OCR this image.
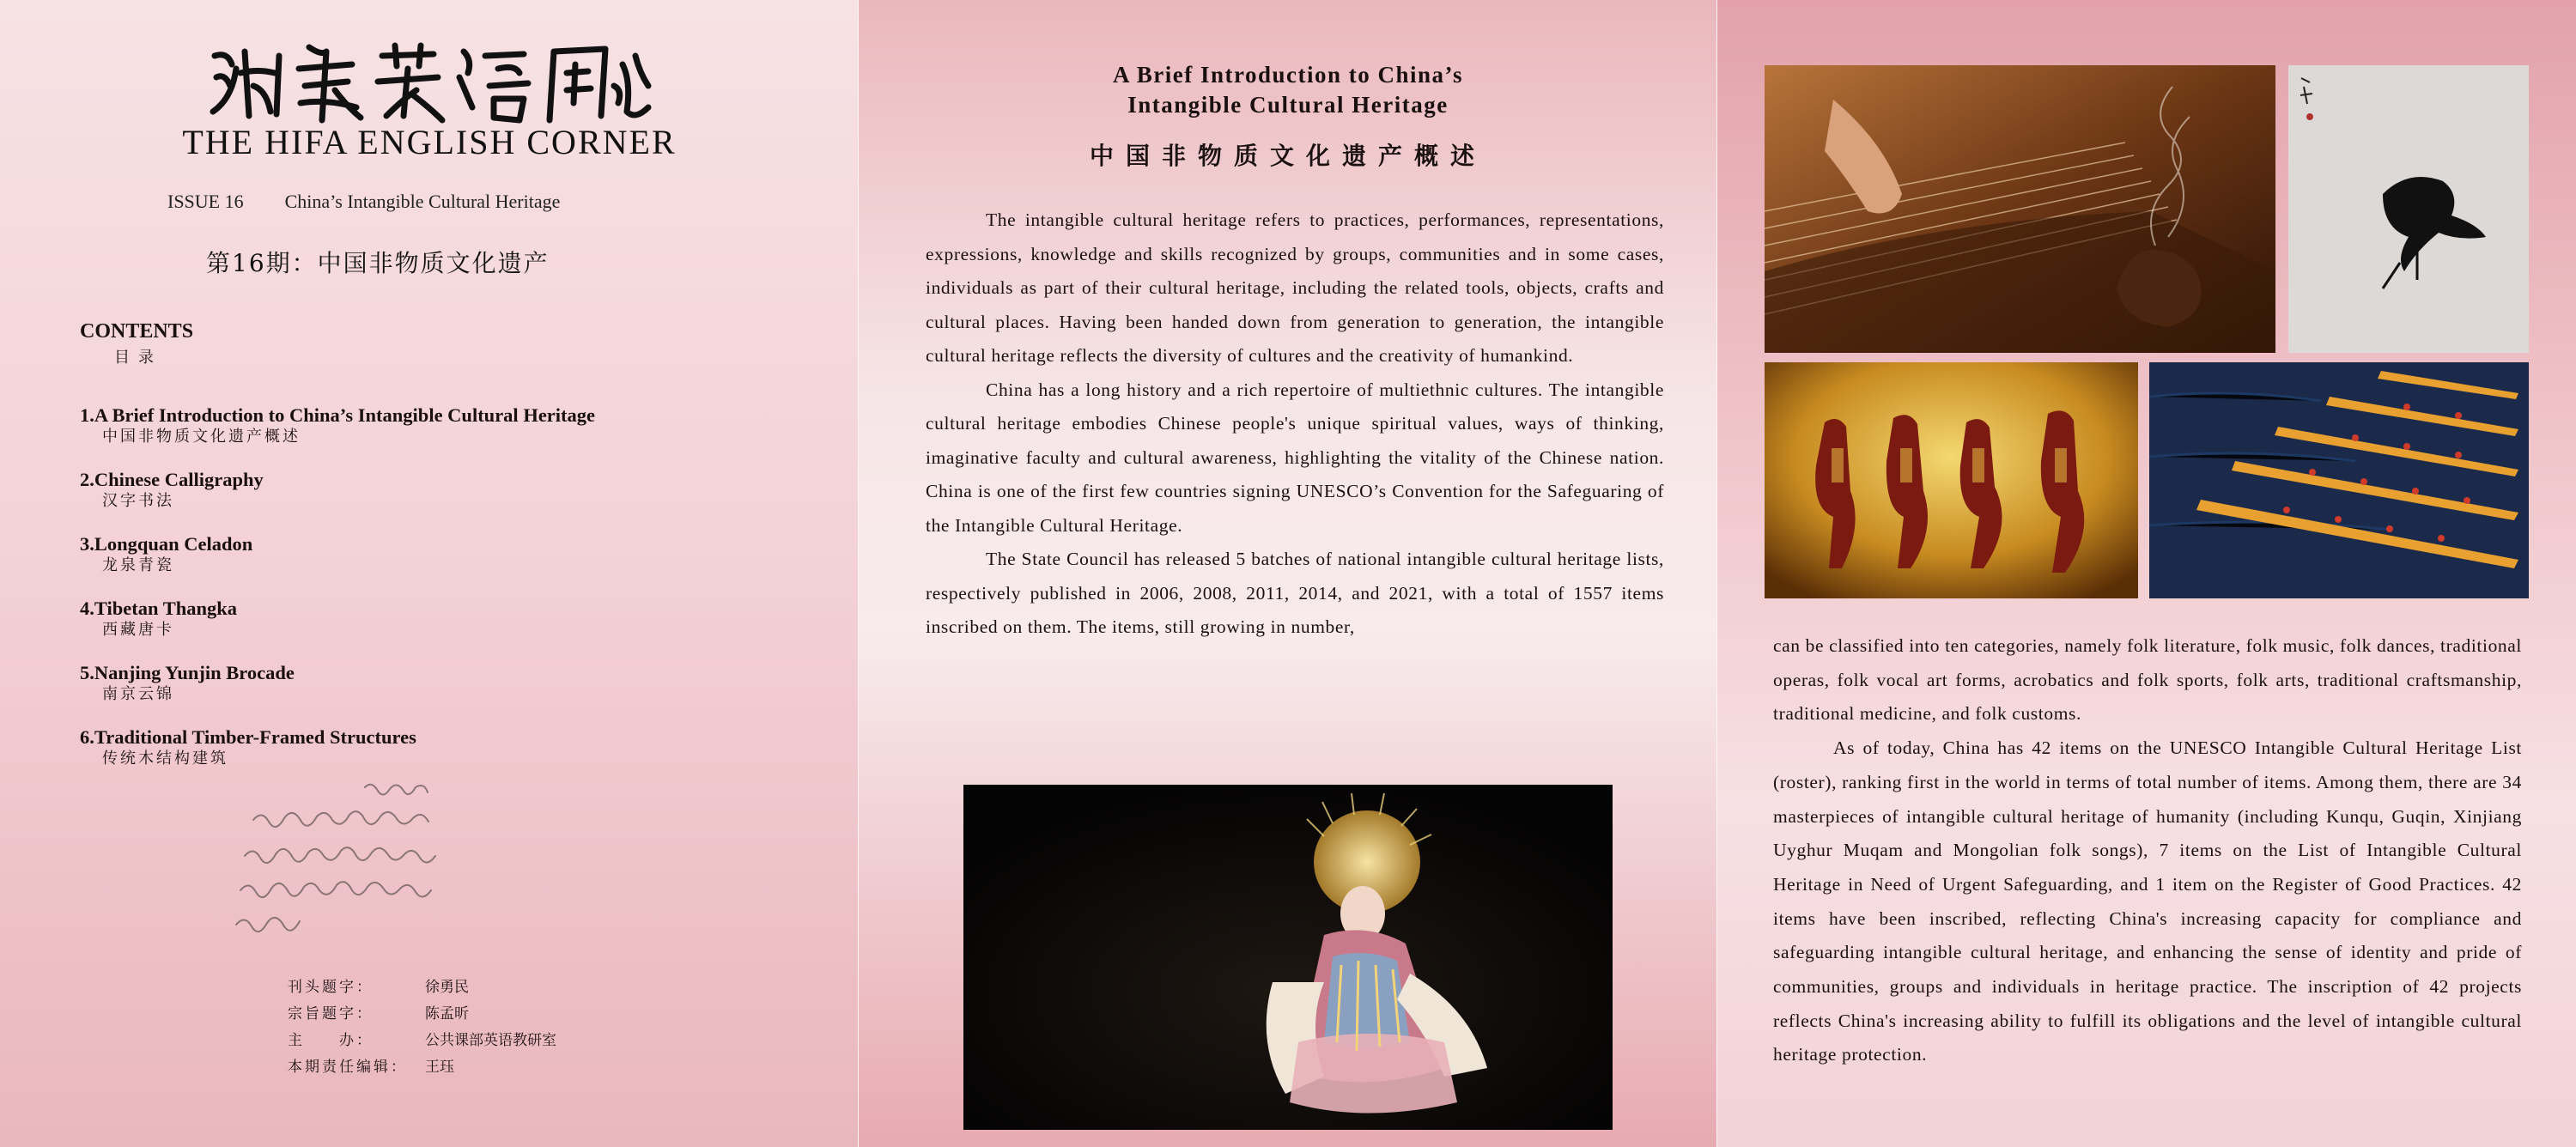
THE HIFA ENGLISH CORNER
ISSUE 16 China’s Intangible Cultural Heritage
第16期：中国非物质文化遗产
CONTENTS
目录
1.A Brief Introduction to China’s Intangible Cultural Heritage
中国非物质文化遗产概述
2.Chinese Calligraphy
汉字书法
3.Longquan Celadon
龙泉青瓷
4.Tibetan Thangka
西藏唐卡
5.Nanjing Yunjin Brocade
南京云锦
6.Traditional Timber-Framed Structures
传统木结构建筑
刊头题字：	徐勇民
宗旨题字：	陈孟昕
主　　办：	公共课部英语教研室
本期责任编辑： 王珏
A Brief Introduction to China’s
Intangible Cultural Heritage
中国非物质文化遗产概述

The intangible cultural heritage refers to practices, performances, representations, expressions, knowledge and skills recognized by groups, communities and in some cases, individuals as part of their cultural heritage, including the related tools, objects, crafts and cultural places. Having been handed down from generation to generation, the intangible cultural heritage reflects the diversity of cultures and the creativity of humankind.

China has a long history and a rich repertoire of multiethnic cultures. The intangible cultural heritage embodies Chinese people's unique spiritual values, ways of thinking, imaginative faculty and cultural awareness, highlighting the vitality of the Chinese nation. China is one of the first few countries signing UNESCO’s Convention for the Safeguaring of the Intangible Cultural Heritage.

The State Council has released 5 batches of national intangible cultural heritage lists, respectively published in 2006, 2008, 2011, 2014, and 2021, with a total of 1557 items inscribed on them. The items, still growing in number,

can be classified into ten categories, namely folk literature, folk music, folk dances, traditional operas, folk vocal art forms, acrobatics and folk sports, folk arts, traditional craftsmanship, traditional medicine, and folk customs.

As of today, China has 42 items on the UNESCO Intangible Cultural Heritage List (roster), ranking first in the world in terms of total number of items. Among them, there are 34 masterpieces of intangible cultural heritage of humanity (including Kunqu, Guqin, Xinjiang Uyghur Muqam and Mongolian folk songs), 7 items on the List of Intangible Cultural Heritage in Need of Urgent Safeguarding, and 1 item on the Register of Good Practices. 42 items have been inscribed, reflecting China's increasing capacity for compliance and safeguarding intangible cultural heritage, and enhancing the sense of identity and pride of communities, groups and individuals in heritage practice. The inscription of 42 projects reflects China's increasing ability to fulfill its obligations and the level of intangible cultural heritage protection.
